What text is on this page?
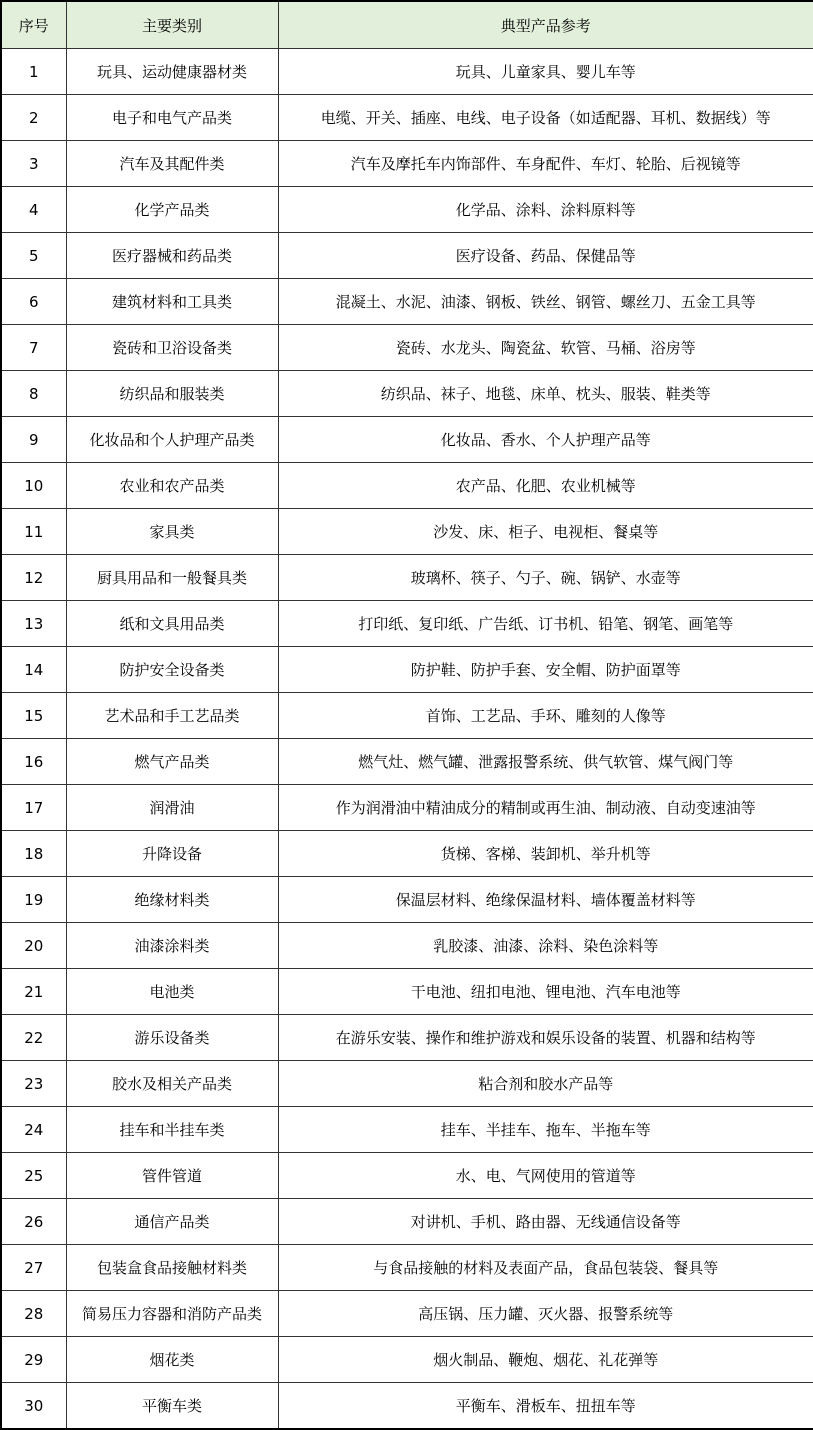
序号	主要类别	典型产品参考
1	玩具、运动健康器材类	玩具、儿童家具、婴儿车等
2	电子和电气产品类	电缆、开关、插座、电线、电子设备（如适配器、耳机、数据线）等
3	汽车及其配件类	汽车及摩托车内饰部件、车身配件、车灯、轮胎、后视镜等
4	化学产品类	化学品、涂料、涂料原料等
5	医疗器械和药品类	医疗设备、药品、保健品等
6	建筑材料和工具类	混凝土、水泥、油漆、钢板、铁丝、钢管、螺丝刀、五金工具等
7	瓷砖和卫浴设备类	瓷砖、水龙头、陶瓷盆、软管、马桶、浴房等
8	纺织品和服装类	纺织品、袜子、地毯、床单、枕头、服装、鞋类等
9	化妆品和个人护理产品类	化妆品、香水、个人护理产品等
10	农业和农产品类	农产品、化肥、农业机械等
11	家具类	沙发、床、柜子、电视柜、餐桌等
12	厨具用品和一般餐具类	玻璃杯、筷子、勺子、碗、锅铲、水壶等
13	纸和文具用品类	打印纸、复印纸、广告纸、订书机、铅笔、钢笔、画笔等
14	防护安全设备类	防护鞋、防护手套、安全帽、防护面罩等
15	艺术品和手工艺品类	首饰、工艺品、手环、雕刻的人像等
16	燃气产品类	燃气灶、燃气罐、泄露报警系统、供气软管、煤气阀门等
17	润滑油	作为润滑油中精油成分的精制或再生油、制动液、自动变速油等
18	升降设备	货梯、客梯、装卸机、举升机等
19	绝缘材料类	保温层材料、绝缘保温材料、墙体覆盖材料等
20	油漆涂料类	乳胶漆、油漆、涂料、染色涂料等
21	电池类	干电池、纽扣电池、锂电池、汽车电池等
22	游乐设备类	在游乐安装、操作和维护游戏和娱乐设备的装置、机器和结构等
23	胶水及相关产品类	粘合剂和胶水产品等
24	挂车和半挂车类	挂车、半挂车、拖车、半拖车等
25	管件管道	水、电、气网使用的管道等
26	通信产品类	对讲机、手机、路由器、无线通信设备等
27	包装盒食品接触材料类	与食品接触的材料及表面产品，食品包装袋、餐具等
28	简易压力容器和消防产品类	高压锅、压力罐、灭火器、报警系统等
29	烟花类	烟火制品、鞭炮、烟花、礼花弹等
30	平衡车类	平衡车、滑板车、扭扭车等
